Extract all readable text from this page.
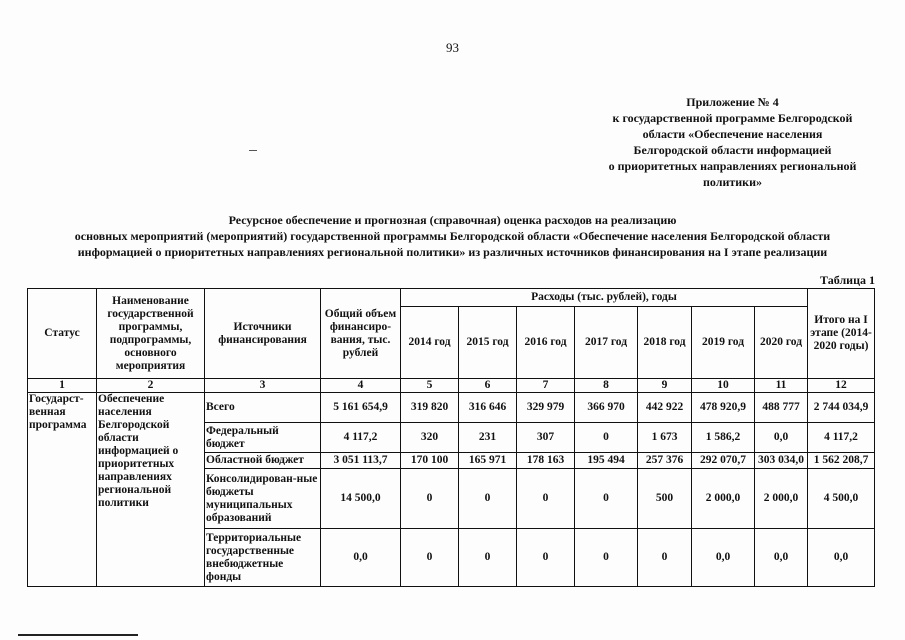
93
Приложение № 4
к государственной программе Белгородской
области «Обеспечение населения
Белгородской области информацией
о приоритетных направлениях региональной
политики»
Ресурсное обеспечение и прогнозная (справочная) оценка расходов на реализацию
основных мероприятий (мероприятий) государственной программы Белгородской области «Обеспечение населения Белгородской области
информацией о приоритетных направлениях региональной политики» из различных источников финансирования на I этапе реализации
Таблица 1
Статус	Наименование государственной программы, подпрограммы, основного мероприятия	Источники финансирования	Общий объем финансиро-вания, тыс. рублей	Расходы (тыс. рублей), годы							Итого на I этапе (2014-2020 годы)
				2014 год	2015 год	2016 год	2017 год	2018 год	2019 год	2020 год	
1	2	3	4	5	6	7	8	9	10	11	12
Государст-венная программа	Обеспечение населения Белгородской области информацией о приоритетных направлениях региональной политики	Всего	5 161 654,9	319 820	316 646	329 979	366 970	442 922	478 920,9	488 777	2 744 034,9
		Федеральный бюджет	4 117,2	320	231	307	0	1 673	1 586,2	0,0	4 117,2
		Областной бюджет	3 051 113,7	170 100	165 971	178 163	195 494	257 376	292 070,7	303 034,0	1 562 208,7
		Консолидирован-ные бюджеты муниципальных образований	14 500,0	0	0	0	0	500	2 000,0	2 000,0	4 500,0
		Территориальные государственные внебюджетные фонды	0,0	0	0	0	0	0	0,0	0,0	0,0
